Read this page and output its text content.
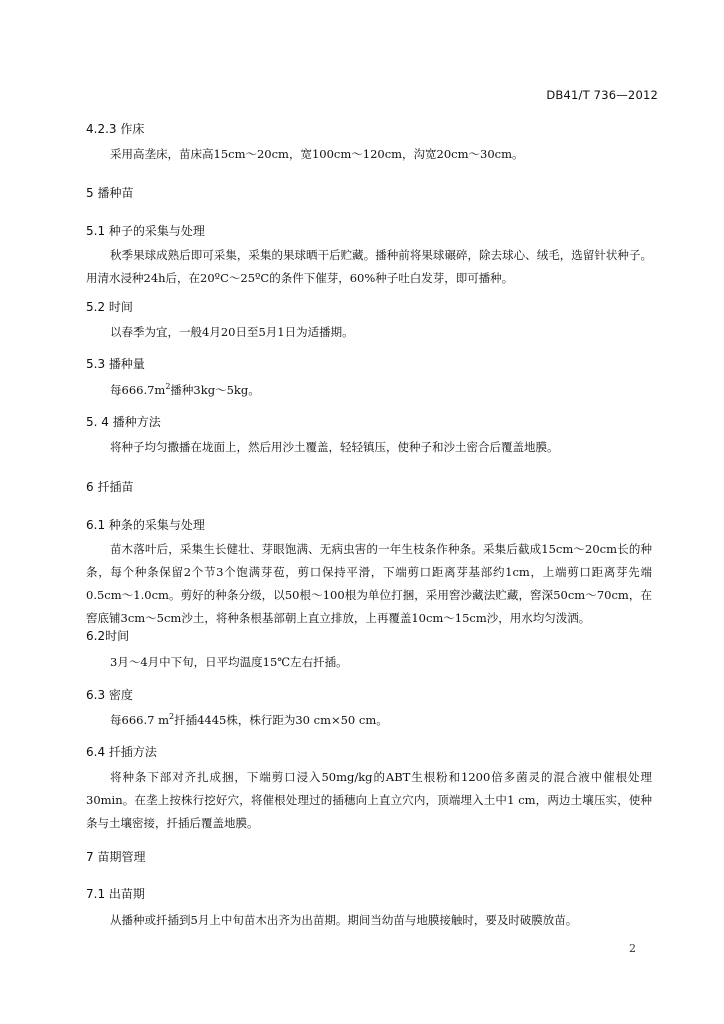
DB41/T 736—2012
4.2.3 作床
采用高垄床，苗床高15cm～20cm，宽100cm～120cm，沟宽20cm～30cm。
5 播种苗
5.1 种子的采集与处理
秋季果球成熟后即可采集，采集的果球晒干后贮藏。播种前将果球碾碎，除去球心、绒毛，选留针状种子。用清水浸种24h后，在20ºC～25ºC的条件下催芽，60%种子吐白发芽，即可播种。
5.2 时间
以春季为宜，一般4月20日至5月1日为适播期。
5.3 播种量
每$666.7m^2$播种3kg～5kg。
5. 4 播种方法
将种子均匀撒播在垅面上，然后用沙土覆盖，轻轻镇压，使种子和沙土密合后覆盖地膜。
6 扦插苗
6.1 种条的采集与处理
苗木落叶后，采集生长健壮、芽眼饱满、无病虫害的一年生枝条作种条。采集后截成15cm～20cm长的种条，每个种条保留2个节3个饱满芽苞，剪口保持平滑，下端剪口距离芽基部约1cm，上端剪口距离芽先端0.5cm～1.0cm。剪好的种条分级，以50根～100根为单位打捆，采用窖沙藏法贮藏，窖深50cm～70cm，在窖底铺3cm～5cm沙土，将种条根基部朝上直立排放，上再覆盖10cm～15cm沙，用水均匀泼洒。
6.2时间
3月～4月中下旬，日平均温度15℃左右扦插。
6.3 密度
每666.7 $m^2$扦插4445株，株行距为30 cm×50 cm。
6.4 扦插方法
将种条下部对齐扎成捆，下端剪口浸入50mg/kg的ABT生根粉和1200倍多菌灵的混合液中催根处理30min。在垄上按株行挖好穴，将催根处理过的插穗向上直立穴内，顶端埋入土中1 cm，两边土壤压实，使种条与土壤密接，扦插后覆盖地膜。
7 苗期管理
7.1 出苗期
从播种或扦插到5月上中旬苗木出齐为出苗期。期间当幼苗与地膜接触时，要及时破膜放苗。
2
